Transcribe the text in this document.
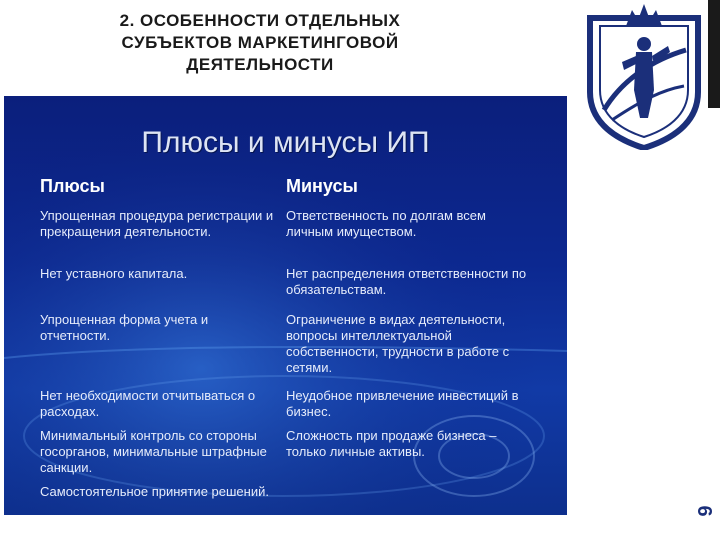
2. ОСОБЕННОСТИ ОТДЕЛЬНЫХ
СУБЪЕКТОВ МАРКЕТИНГОВОЙ
ДЕЯТЕЛЬНОСТИ
6
Плюсы и минусы ИП
Плюсы	Минусы
Упрощенная процедура регистрации и прекращения деятельности.
Ответственность по долгам всем личным имуществом.
Нет уставного капитала.	Нет распределения ответственности по обязательствам.
Упрощенная форма учета и отчетности.
Ограничение в видах деятельности, вопросы интеллектуальной собственности, трудности в работе с сетями.
Нет необходимости отчитываться о расходах.
Неудобное привлечение инвестиций в бизнес.
Минимальный контроль со стороны госорганов, минимальные штрафные санкции.
Сложность при продаже бизнеса – только личные активы.
Самостоятельное принятие решений.
